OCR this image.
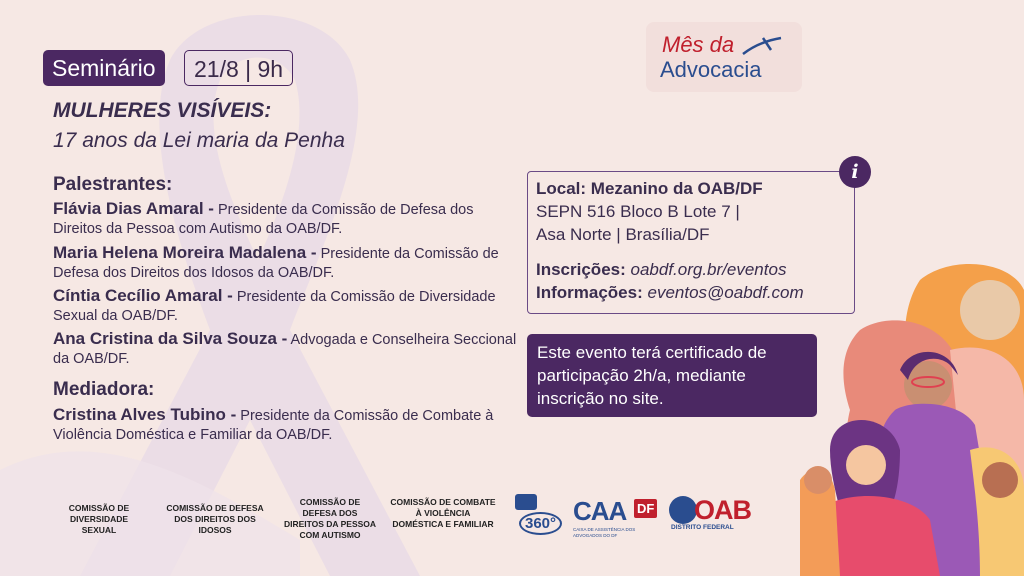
Seminário	21/8 | 9h
MULHERES VISÍVEIS:
17 anos da Lei maria da Penha
Palestrantes:
Flávia Dias Amaral - Presidente da Comissão de Defesa dos Direitos da Pessoa com Autismo da OAB/DF.
Maria Helena Moreira Madalena - Presidente da Comissão de Defesa dos Direitos dos Idosos da OAB/DF.
Cíntia Cecílio Amaral - Presidente da Comissão de Diversidade Sexual da OAB/DF.
Ana Cristina da Silva Souza - Advogada e Conselheira Seccional da OAB/DF.
Mediadora:
Cristina Alves Tubino - Presidente da Comissão de Combate à Violência Doméstica e Familiar da OAB/DF.
Local: Mezanino da OAB/DF
SEPN 516 Bloco B Lote 7 |
Asa Norte | Brasília/DF
Inscrições: oabdf.org.br/eventos
Informações: eventos@oabdf.com
i
Este evento terá certificado de participação 2h/a, mediante inscrição no site.
Mês da
Advocacia
COMISSÃO DE DIVERSIDADE SEXUAL
COMISSÃO DE DEFESA DOS DIREITOS DOS IDOSOS
COMISSÃO DE DEFESA DOS DIREITOS DA PESSOA COM AUTISMO
COMISSÃO DE COMBATE À VIOLÊNCIA DOMÉSTICA E FAMILIAR	360° CAA DF
CAIXA DE ASSISTÊNCIA DOS ADVOGADOS DO DF
OAB
DISTRITO FEDERAL
